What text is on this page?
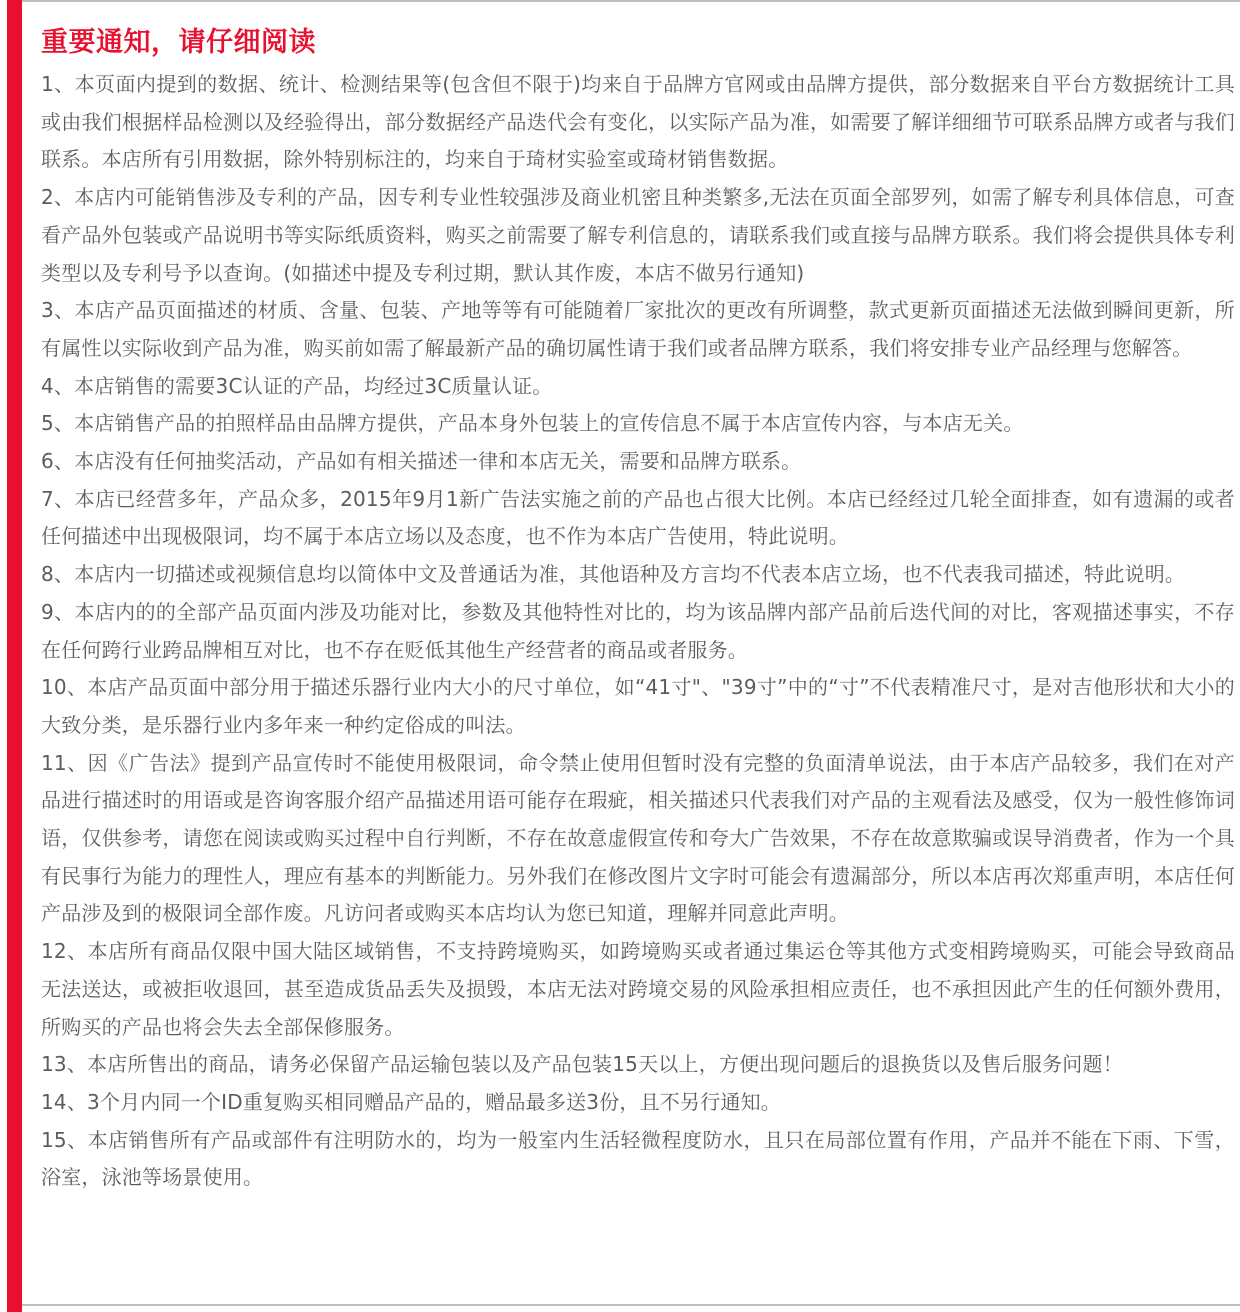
重要通知，请仔细阅读
1、本页面内提到的数据、统计、检测结果等(包含但不限于)均来自于品牌方官网或由品牌方提供，部分数据来自平台方数据统计工具或由我们根据样品检测以及经验得出，部分数据经产品迭代会有变化，以实际产品为准，如需要了解详细细节可联系品牌方或者与我们联系。本店所有引用数据，除外特别标注的，均来自于琦材实验室或琦材销售数据。
2、本店内可能销售涉及专利的产品，因专利专业性较强涉及商业机密且种类繁多,无法在页面全部罗列，如需了解专利具体信息，可查看产品外包装或产品说明书等实际纸质资料，购买之前需要了解专利信息的，请联系我们或直接与品牌方联系。我们将会提供具体专利类型以及专利号予以查询。(如描述中提及专利过期，默认其作废，本店不做另行通知)
3、本店产品页面描述的材质、含量、包装、产地等等有可能随着厂家批次的更改有所调整，款式更新页面描述无法做到瞬间更新，所有属性以实际收到产品为准，购买前如需了解最新产品的确切属性请于我们或者品牌方联系，我们将安排专业产品经理与您解答。
4、本店销售的需要3C认证的产品，均经过3C质量认证。
5、本店销售产品的拍照样品由品牌方提供，产品本身外包装上的宣传信息不属于本店宣传内容，与本店无关。
6、本店没有任何抽奖活动，产品如有相关描述一律和本店无关，需要和品牌方联系。
7、本店已经营多年，产品众多，2015年9月1新广告法实施之前的产品也占很大比例。本店已经经过几轮全面排查，如有遗漏的或者任何描述中出现极限词，均不属于本店立场以及态度，也不作为本店广告使用，特此说明。
8、本店内一切描述或视频信息均以简体中文及普通话为准，其他语种及方言均不代表本店立场，也不代表我司描述，特此说明。
9、本店内的的全部产品页面内涉及功能对比，参数及其他特性对比的，均为该品牌内部产品前后迭代间的对比，客观描述事实，不存在任何跨行业跨品牌相互对比，也不存在贬低其他生产经营者的商品或者服务。
10、本店产品页面中部分用于描述乐器行业内大小的尺寸单位，如“41寸"、"39寸”中的“寸”不代表精准尺寸，是对吉他形状和大小的大致分类，是乐器行业内多年来一种约定俗成的叫法。
11、因《广告法》提到产品宣传时不能使用极限词，命令禁止使用但暂时没有完整的负面清单说法，由于本店产品较多，我们在对产品进行描述时的用语或是咨询客服介绍产品描述用语可能存在瑕疵，相关描述只代表我们对产品的主观看法及感受，仅为一般性修饰词语，仅供参考，请您在阅读或购买过程中自行判断，不存在故意虚假宣传和夸大广告效果，不存在故意欺骗或误导消费者，作为一个具有民事行为能力的理性人，理应有基本的判断能力。另外我们在修改图片文字时可能会有遗漏部分，所以本店再次郑重声明，本店任何产品涉及到的极限词全部作废。凡访问者或购买本店均认为您已知道，理解并同意此声明。
12、本店所有商品仅限中国大陆区域销售，不支持跨境购买，如跨境购买或者通过集运仓等其他方式变相跨境购买，可能会导致商品无法送达，或被拒收退回，甚至造成货品丢失及损毁，本店无法对跨境交易的风险承担相应责任，也不承担因此产生的任何额外费用，所购买的产品也将会失去全部保修服务。
13、本店所售出的商品，请务必保留产品运输包装以及产品包装15天以上，方便出现问题后的退换货以及售后服务问题！
14、3个月内同一个ID重复购买相同赠品产品的，赠品最多送3份，且不另行通知。
15、本店销售所有产品或部件有注明防水的，均为一般室内生活轻微程度防水，且只在局部位置有作用，产品并不能在下雨、下雪，浴室，泳池等场景使用。
